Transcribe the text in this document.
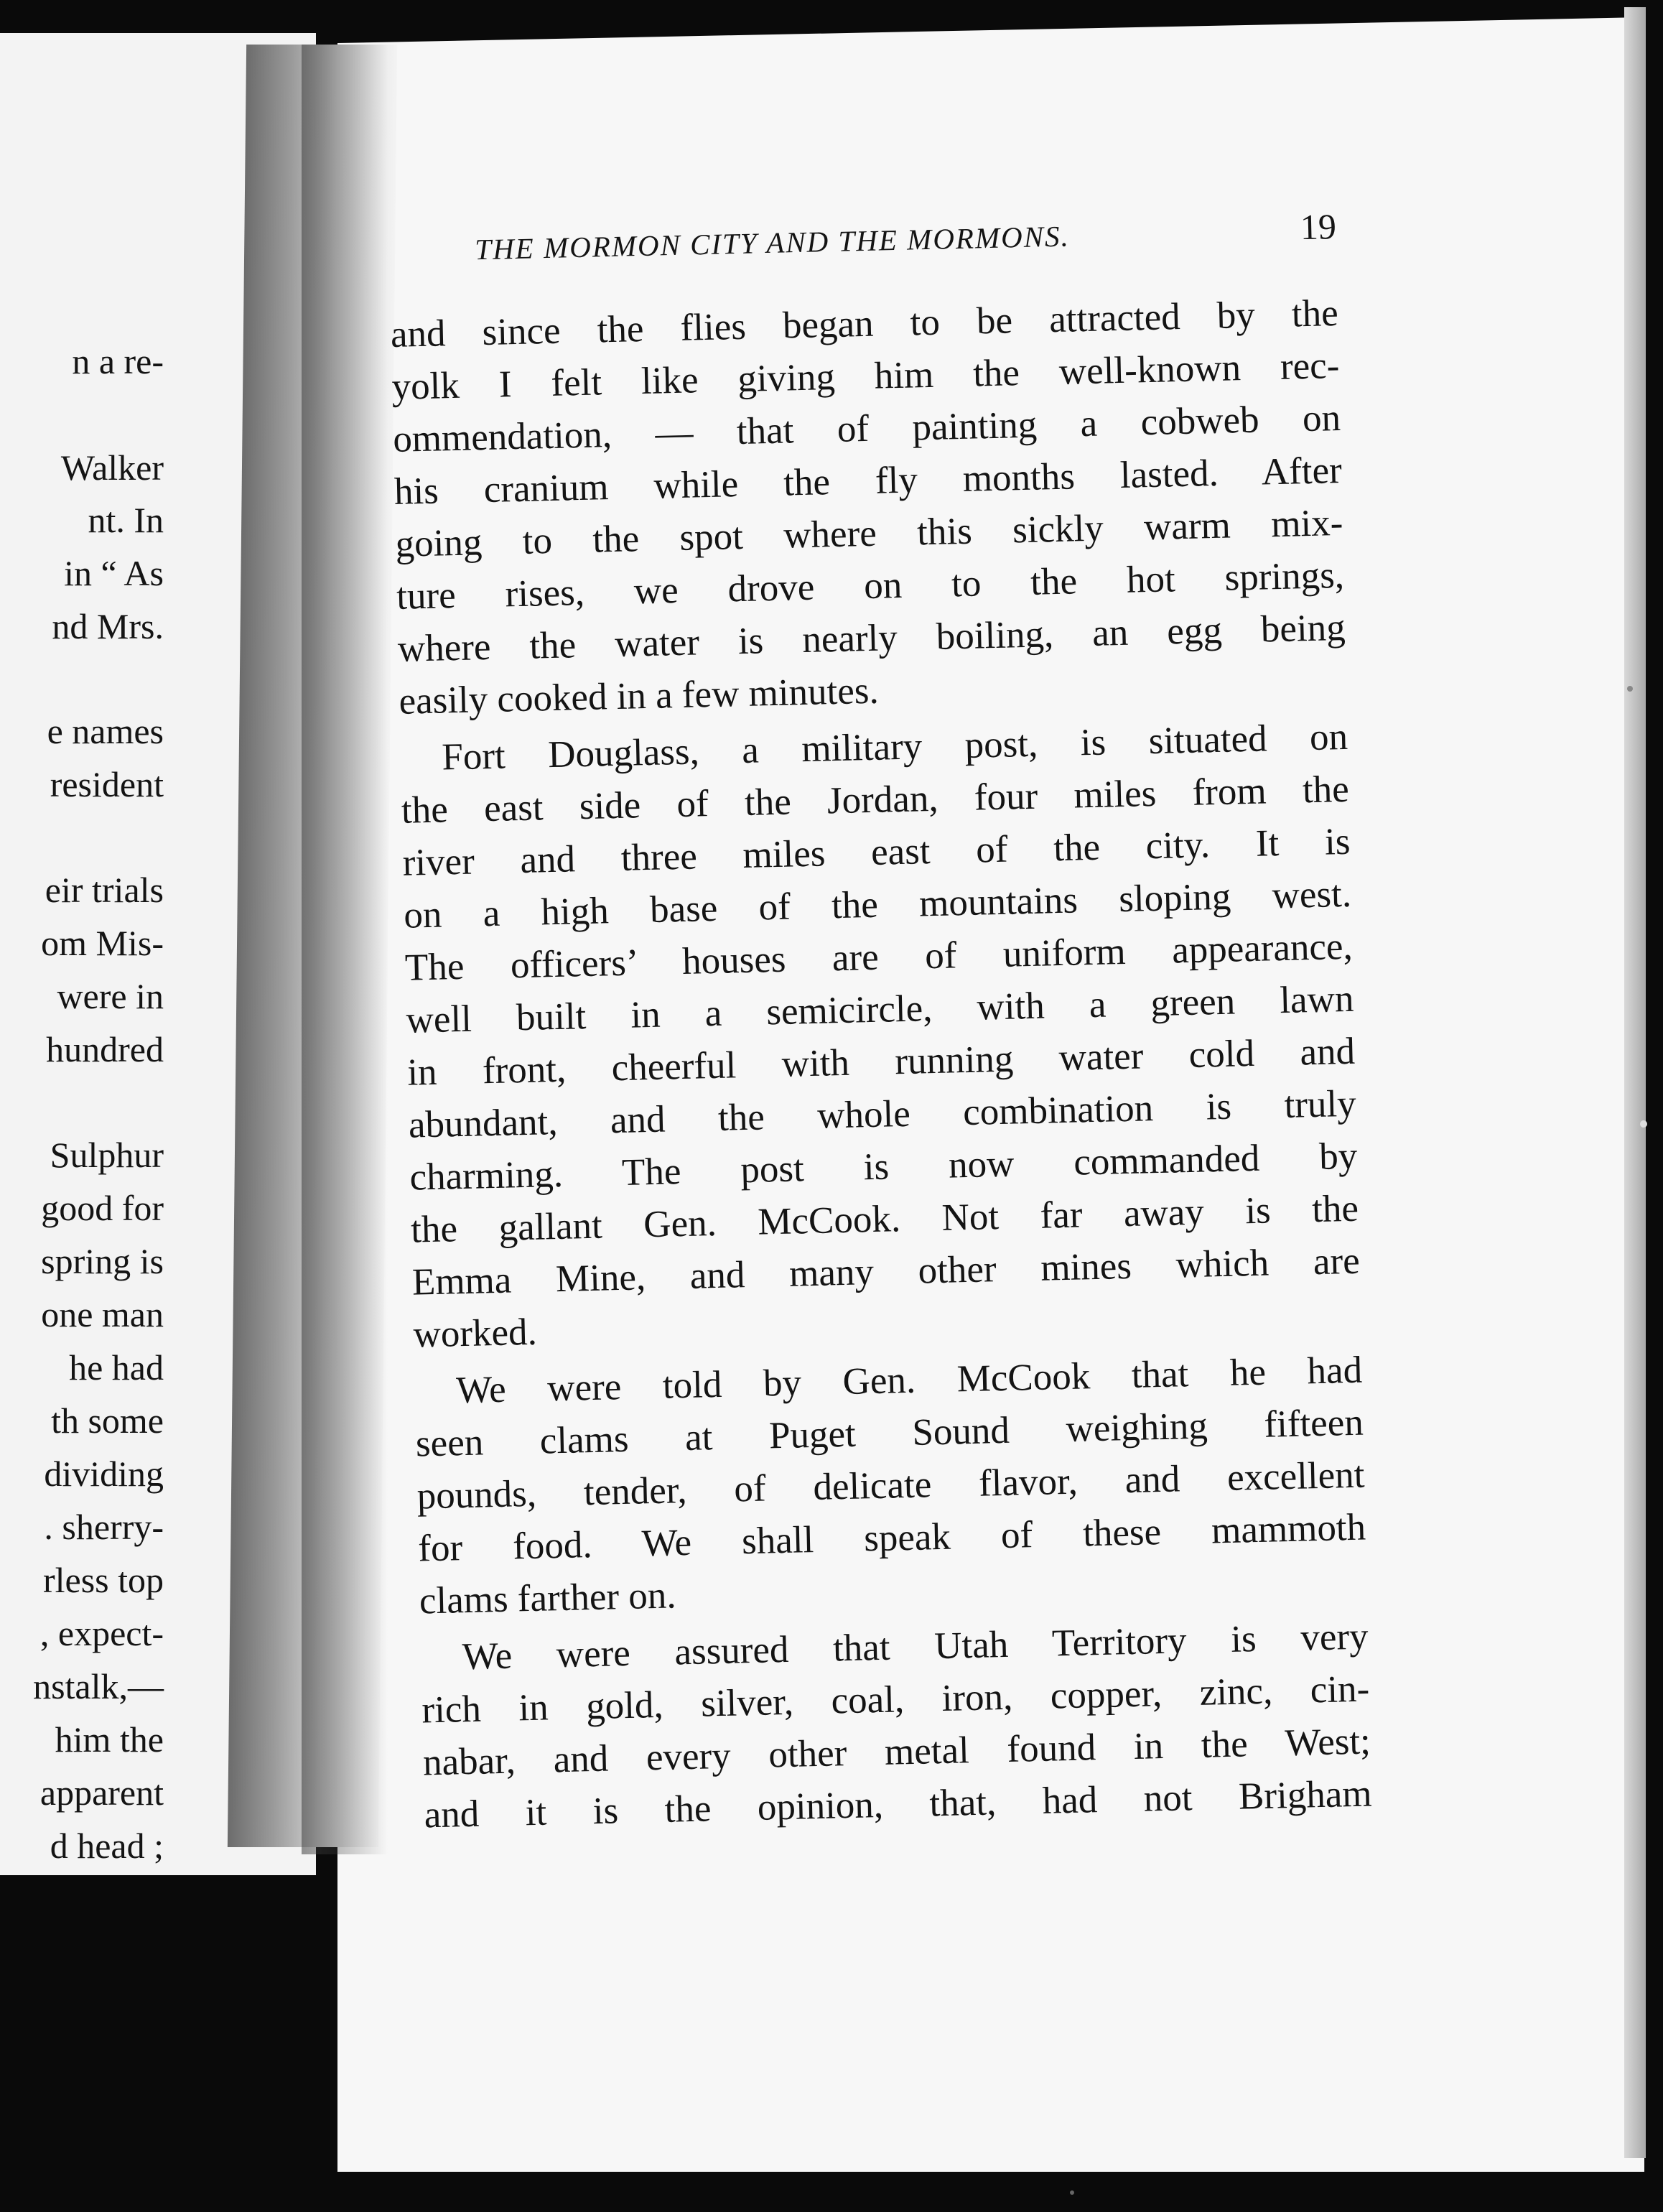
n a re-
Walker
nt. In
in “ As
nd Mrs.
e names
resident
eir trials
om Mis-
were in
hundred
Sulphur
good for
spring is
one man
he had
th some
dividing
. sherry-
rless top
, expect-
nstalk,—
him the
apparent
d head ;
THE MORMON CITY AND THE MORMONS.	19
and since the flies began to be attracted by the
yolk I felt like giving him the well-known rec-
ommendation, — that of painting a cobweb on
his cranium while the fly months lasted. After
going to the spot where this sickly warm mix-
ture rises, we drove on to the hot springs,
where the water is nearly boiling, an egg being
easily cooked in a few minutes.
Fort Douglass, a military post, is situated on
the east side of the Jordan, four miles from the
river and three miles east of the city. It is
on a high base of the mountains sloping west.
The officers’ houses are of uniform appearance,
well built in a semicircle, with a green lawn
in front, cheerful with running water cold and
abundant, and the whole combination is truly
charming. The post is now commanded by
the gallant Gen. McCook. Not far away is the
Emma Mine, and many other mines which are
worked.
We were told by Gen. McCook that he had
seen clams at Puget Sound weighing fifteen
pounds, tender, of delicate flavor, and excellent
for food. We shall speak of these mammoth
clams farther on.
We were assured that Utah Territory is very
rich in gold, silver, coal, iron, copper, zinc, cin-
nabar, and every other metal found in the West;
and it is the opinion, that, had not Brigham
